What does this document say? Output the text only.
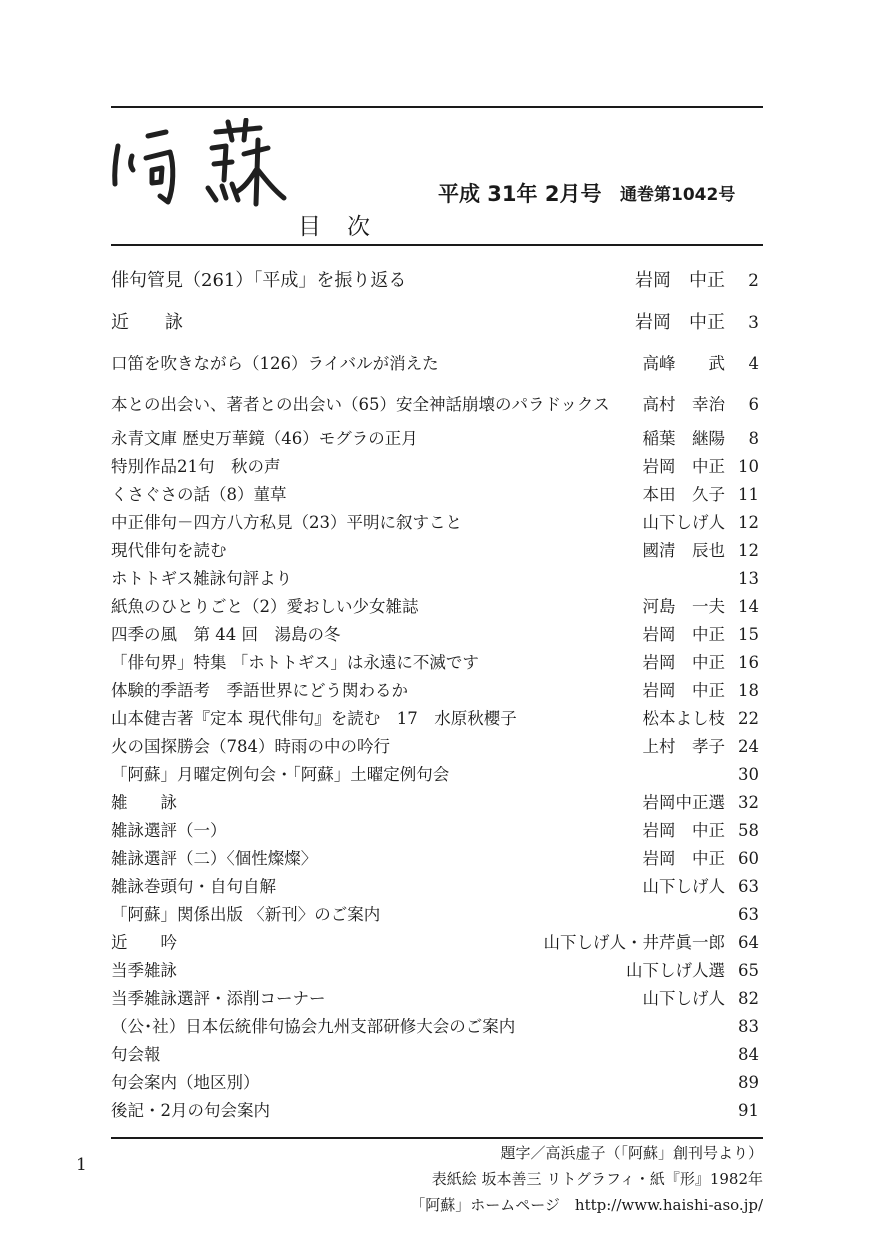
目次
平成 31年 2月号 通巻第1042号
俳句管見（261）「平成」を振り返る	岩岡　中正	2
近　　詠	岩岡　中正	3
口笛を吹きながら（126）ライバルが消えた	高峰　　武	4
本との出会い、著者との出会い（65）安全神話崩壊のパラドックス 高村　幸治	6
永青文庫 歴史万華鏡（46）モグラの正月	稲葉　継陽	8
特別作品21句　秋の声	岩岡　中正 10
くさぐさの話（8）菫草	本田　久子 11
中正俳句－四方八方私見（23）平明に叙すこと	山下しげ人 12
現代俳句を読む	國清　辰也 12
ホトトギス雑詠句評より	13
紙魚のひとりごと（2）愛おしい少女雑誌	河島　一夫 14
四季の風　第 44 回　湯島の冬	岩岡　中正 15
「俳句界」特集 「ホトトギス」は永遠に不滅です	岩岡　中正 16
体験的季語考　季語世界にどう関わるか	岩岡　中正 18
山本健吉著『定本 現代俳句』を読む　17　水原秋櫻子	松本よし枝 22
火の国探勝会（784）時雨の中の吟行	上村　孝子 24
「阿蘇」月曜定例句会・「阿蘇」土曜定例句会	30
雑　　詠	岩岡中正選 32
雑詠選評（一）	岩岡　中正 58
雑詠選評（二）〈個性燦燦〉	岩岡　中正 60
雑詠巻頭句・自句自解	山下しげ人 63
「阿蘇」関係出版 〈新刊〉のご案内	63
近　　吟	山下しげ人・井芹眞一郎 64
当季雑詠	山下しげ人選 65
当季雑詠選評・添削コーナー	山下しげ人 82
（公･社）日本伝統俳句協会九州支部研修大会のご案内	83
句会報	84
句会案内（地区別）	89
後記・2月の句会案内	91
題字／高浜虚子（「阿蘇」創刊号より）
表紙絵 坂本善三 リトグラフィ・紙『形』1982年
「阿蘇」ホームページ　http://www.haishi-aso.jp/
1
